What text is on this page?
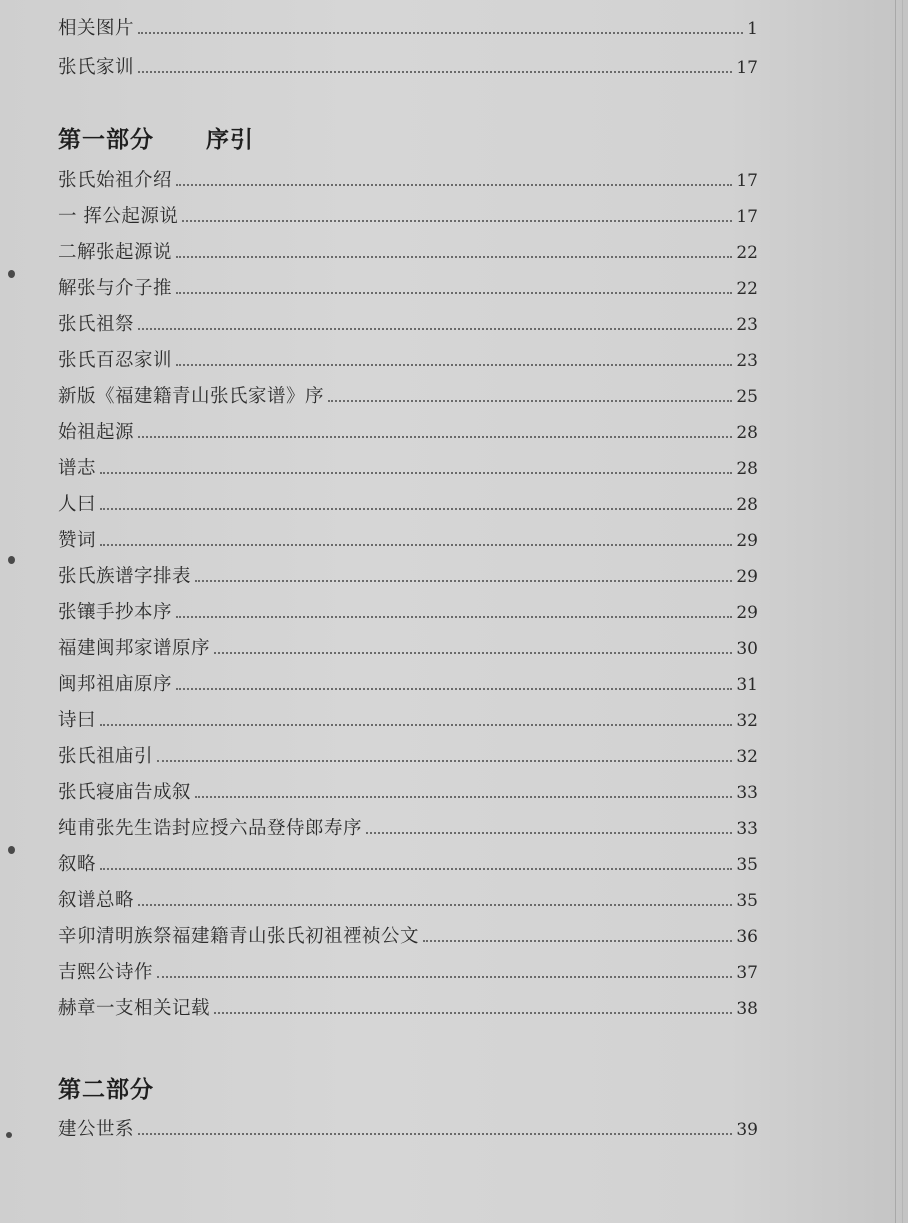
相关图片	1
张氏家训	17
第一部分 序引
张氏始祖介绍	17
一 挥公起源说	17
二解张起源说	22
解张与介子推	22
张氏祖祭	23
张氏百忍家训	23
新版《福建籍青山张氏家谱》序	25
始祖起源	28
谱志	28
人曰	28
赞词	29
张氏族谱字排表	29
张镶手抄本序	29
福建闽邦家谱原序	30
闽邦祖庙原序	31
诗曰	32
张氏祖庙引	32
张氏寝庙告成叙	33
纯甫张先生诰封应授六品登侍郎寿序	33
叙略	35
叙谱总略	35
辛卯清明族祭福建籍青山张氏初祖禋祯公文	36
吉熙公诗作	37
赫章一支相关记载	38
第二部分
建公世系	39
